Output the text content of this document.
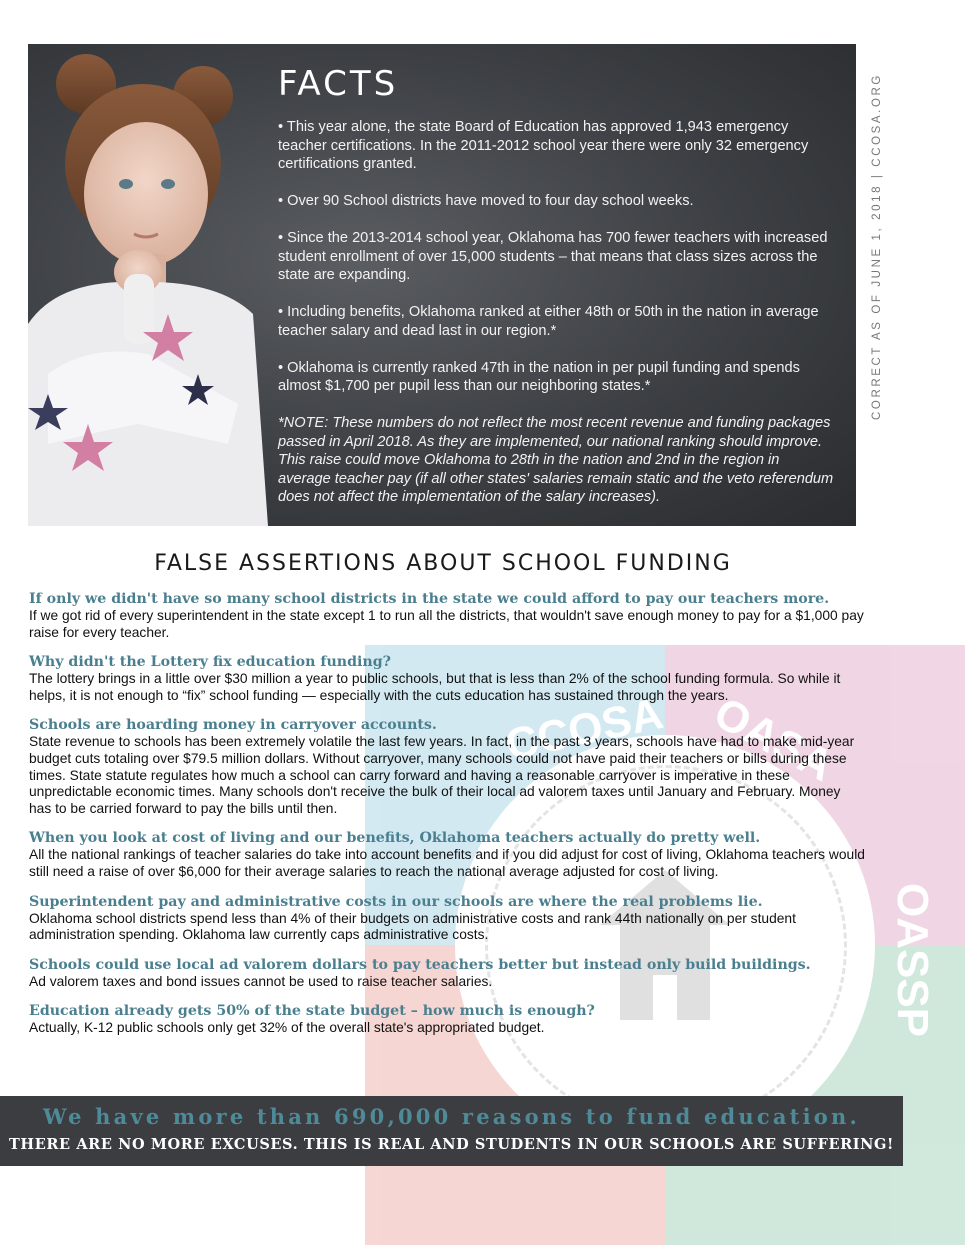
CCOSA OASA
OASSP
FACTS

• This year alone, the state Board of Education has approved 1,943 emergency teacher certifications. In the 2011-2012 school year there were only 32 emergency certifications granted.

• Over 90 School districts have moved to four day school weeks.

• Since the 2013-2014 school year, Oklahoma has 700 fewer teachers with increased student enrollment of over 15,000 students – that means that class sizes across the state are expanding.

• Including benefits, Oklahoma ranked at either 48th or 50th in the nation in average teacher salary and dead last in our region.*

• Oklahoma is currently ranked 47th in the nation in per pupil funding and spends almost $1,700 per pupil less than our neighboring states.*

*NOTE: These numbers do not reflect the most recent revenue and funding packages passed in April 2018. As they are implemented, our national ranking should improve. This raise could move Oklahoma to 28th in the nation and 2nd in the region in average teacher pay (if all other states' salaries remain static and the veto referendum does not affect the implementation of the salary increases).

CORRECT AS OF JUNE 1, 2018 | CCOSA.ORG
FALSE ASSERTIONS ABOUT SCHOOL FUNDING
If only we didn't have so many school districts in the state we could afford to pay our teachers more.

If we got rid of every superintendent in the state except 1 to run all the districts, that wouldn't save enough money to pay for a $1,000 pay raise for every teacher.

Why didn't the Lottery fix education funding?

The lottery brings in a little over $30 million a year to public schools, but that is less than 2% of the school funding formula. So while it helps, it is not enough to “fix” school funding — especially with the cuts education has sustained through the years.

Schools are hoarding money in carryover accounts.

State revenue to schools has been extremely volatile the last few years. In fact, in the past 3 years, schools have had to make mid-year budget cuts totaling over $79.5 million dollars. Without carryover, many schools could not have paid their teachers or bills during these times. State statute regulates how much a school can carry forward and having a reasonable carryover is imperative in these unpredictable economic times. Many schools don't receive the bulk of their local ad valorem taxes until January and February. Money has to be carried forward to pay the bills until then.

When you look at cost of living and our benefits, Oklahoma teachers actually do pretty well.

All the national rankings of teacher salaries do take into account benefits and if you did adjust for cost of living, Oklahoma teachers would still need a raise of over $6,000 for their average salaries to reach the national average adjusted for cost of living.

Superintendent pay and administrative costs in our schools are where the real problems lie.

Oklahoma school districts spend less than 4% of their budgets on administrative costs and rank 44th nationally on per student administration spending. Oklahoma law currently caps administrative costs.

Schools could use local ad valorem dollars to pay teachers better but instead only build buildings.

Ad valorem taxes and bond issues cannot be used to raise teacher salaries.

Education already gets 50% of the state budget – how much is enough?

Actually, K-12 public schools only get 32% of the overall state's appropriated budget.

We have more than 690,000 reasons to fund education.
THERE ARE NO MORE EXCUSES. THIS IS REAL AND STUDENTS IN OUR SCHOOLS ARE SUFFERING!
